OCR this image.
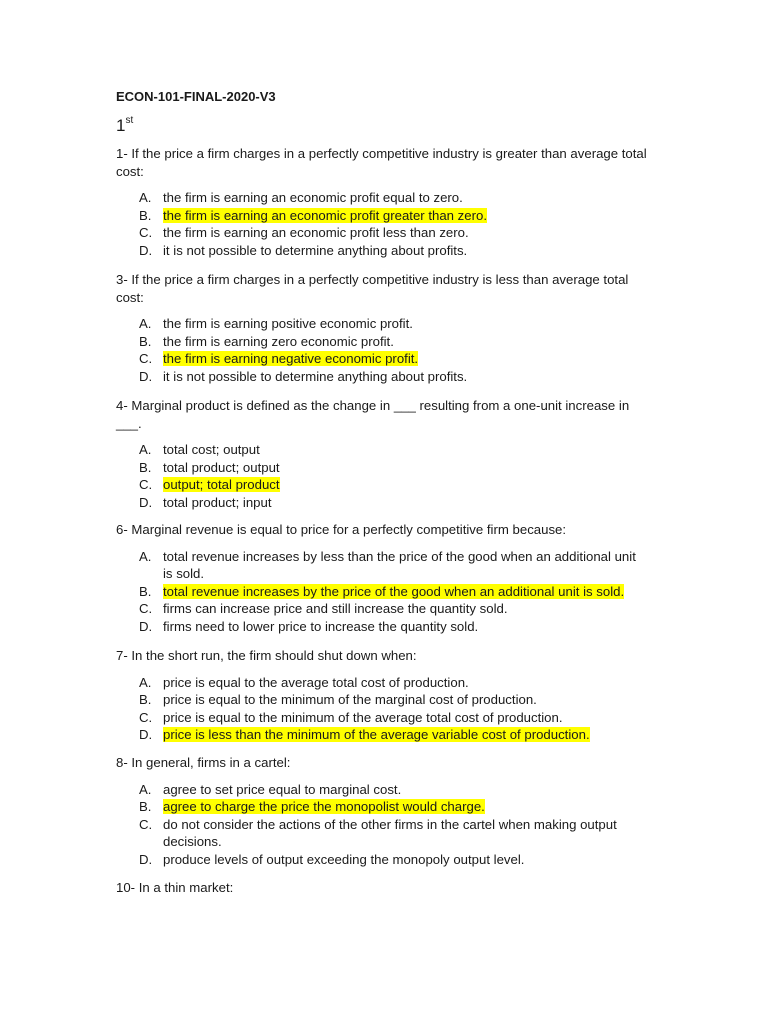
ECON-101-FINAL-2020-V3
1st

1- If the price a firm charges in a perfectly competitive industry is greater than average total cost:

A. the firm is earning an economic profit equal to zero.
B. the firm is earning an economic profit greater than zero.
C. the firm is earning an economic profit less than zero.
D. it is not possible to determine anything about profits.

3- If the price a firm charges in a perfectly competitive industry is less than average total cost:

A. the firm is earning positive economic profit.
B. the firm is earning zero economic profit.
C. the firm is earning negative economic profit.
D. it is not possible to determine anything about profits.

4- Marginal product is defined as the change in ___ resulting from a one-unit increase in ___.

A. total cost; output
B. total product; output
C. output; total product
D. total product; input

6- Marginal revenue is equal to price for a perfectly competitive firm because:

A. total revenue increases by less than the price of the good when an additional unit is sold.
B. total revenue increases by the price of the good when an additional unit is sold.
C. firms can increase price and still increase the quantity sold.
D. firms need to lower price to increase the quantity sold.

7- In the short run, the firm should shut down when:

A. price is equal to the average total cost of production.
B. price is equal to the minimum of the marginal cost of production.
C. price is equal to the minimum of the average total cost of production.
D. price is less than the minimum of the average variable cost of production.

8- In general, firms in a cartel:

A. agree to set price equal to marginal cost.
B. agree to charge the price the monopolist would charge.
C. do not consider the actions of the other firms in the cartel when making output decisions.
D. produce levels of output exceeding the monopoly output level.

10- In a thin market:
